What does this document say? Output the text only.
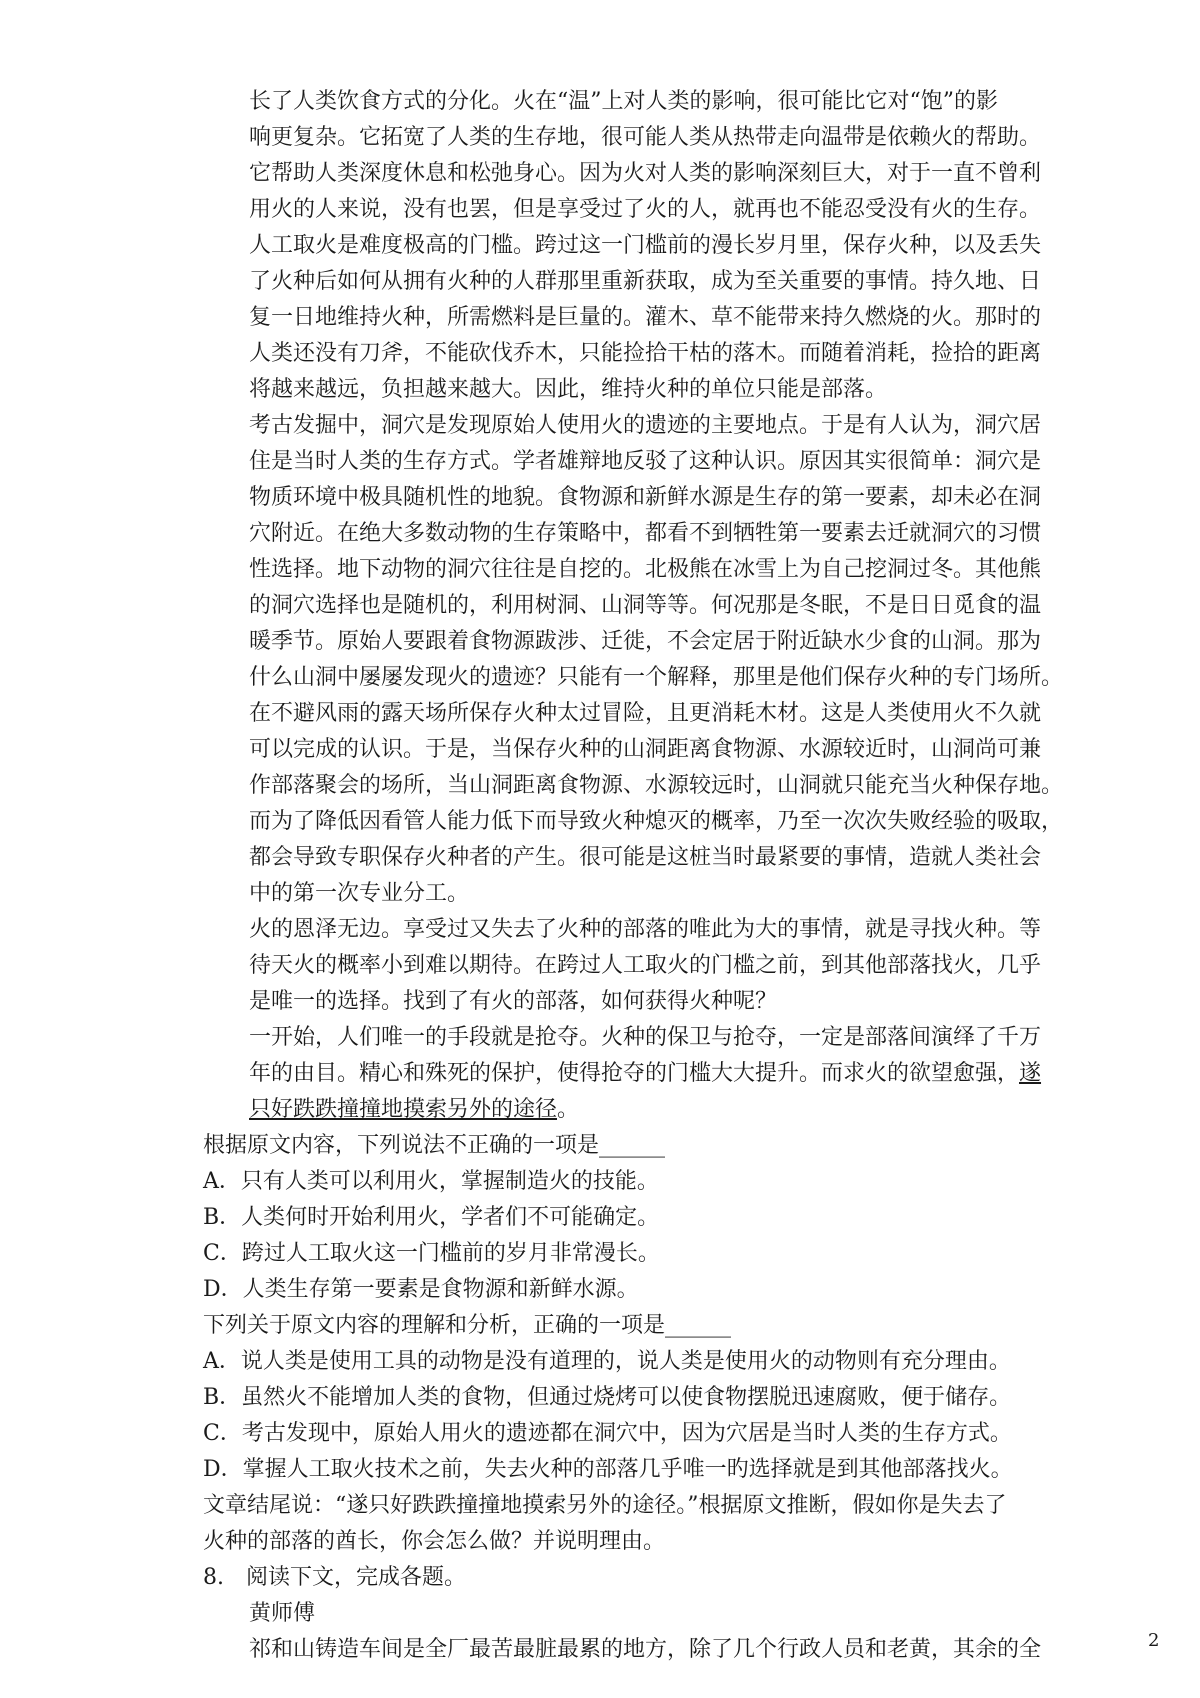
长了人类饮食方式的分化。火在“温”上对人类的影响，很可能比它对“饱”的影
响更复杂。它拓宽了人类的生存地，很可能人类从热带走向温带是依赖火的帮助。
它帮助人类深度休息和松弛身心。因为火对人类的影响深刻巨大，对于一直不曾利
用火的人来说，没有也罢，但是享受过了火的人，就再也不能忍受没有火的生存。
人工取火是难度极高的门槛。跨过这一门槛前的漫长岁月里，保存火种，以及丢失
了火种后如何从拥有火种的人群那里重新获取，成为至关重要的事情。持久地、日
复一日地维持火种，所需燃料是巨量的。灌木、草不能带来持久燃烧的火。那时的
人类还没有刀斧，不能砍伐乔木，只能捡拾干枯的落木。而随着消耗，捡拾的距离
将越来越远，负担越来越大。因此，维持火种的单位只能是部落。
考古发掘中，洞穴是发现原始人使用火的遗迹的主要地点。于是有人认为，洞穴居
住是当时人类的生存方式。学者雄辩地反驳了这种认识。原因其实很简单：洞穴是
物质环境中极具随机性的地貌。食物源和新鲜水源是生存的第一要素，却未必在洞
穴附近。在绝大多数动物的生存策略中，都看不到牺牲第一要素去迁就洞穴的习惯
性选择。地下动物的洞穴往往是自挖的。北极熊在冰雪上为自己挖洞过冬。其他熊
的洞穴选择也是随机的，利用树洞、山洞等等。何况那是冬眠，不是日日觅食的温
暖季节。原始人要跟着食物源跋涉、迁徙，不会定居于附近缺水少食的山洞。那为
什么山洞中屡屡发现火的遗迹？只能有一个解释，那里是他们保存火种的专门场所。
在不避风雨的露天场所保存火种太过冒险，且更消耗木材。这是人类使用火不久就
可以完成的认识。于是，当保存火种的山洞距离食物源、水源较近时，山洞尚可兼
作部落聚会的场所，当山洞距离食物源、水源较远时，山洞就只能充当火种保存地。
而为了降低因看管人能力低下而导致火种熄灭的概率，乃至一次次失败经验的吸取，
都会导致专职保存火种者的产生。很可能是这桩当时最紧要的事情，造就人类社会
中的第一次专业分工。
火的恩泽无边。享受过又失去了火种的部落的唯此为大的事情，就是寻找火种。等
待天火的概率小到难以期待。在跨过人工取火的门槛之前，到其他部落找火，几乎
是唯一的选择。找到了有火的部落，如何获得火种呢？
一开始，人们唯一的手段就是抢夺。火种的保卫与抢夺，一定是部落间演绎了千万
年的由目。精心和殊死的保护，使得抢夺的门槛大大提升。而求火的欲望愈强，遂
只好跌跌撞撞地摸索另外的途径。
根据原文内容，下列说法不正确的一项是______
A．只有人类可以利用火，掌握制造火的技能。
B．人类何时开始利用火，学者们不可能确定。
C．跨过人工取火这一门槛前的岁月非常漫长。
D．人类生存第一要素是食物源和新鲜水源。
下列关于原文内容的理解和分析，正确的一项是______
A．说人类是使用工具的动物是没有道理的，说人类是使用火的动物则有充分理由。
B．虽然火不能增加人类的食物，但通过烧烤可以使食物摆脱迅速腐败，便于储存。
C．考古发现中，原始人用火的遗迹都在洞穴中，因为穴居是当时人类的生存方式。
D．掌握人工取火技术之前，失去火种的部落几乎唯一旳选择就是到其他部落找火。
文章结尾说：“遂只好跌跌撞撞地摸索另外的途径。”根据原文推断，假如你是失去了
火种的部落的酋长，你会怎么做？并说明理由。
8.　阅读下文，完成各题。
黄师傅
祁和山铸造车间是全厂最苦最脏最累的地方，除了几个行政人员和老黄，其余的全	2
